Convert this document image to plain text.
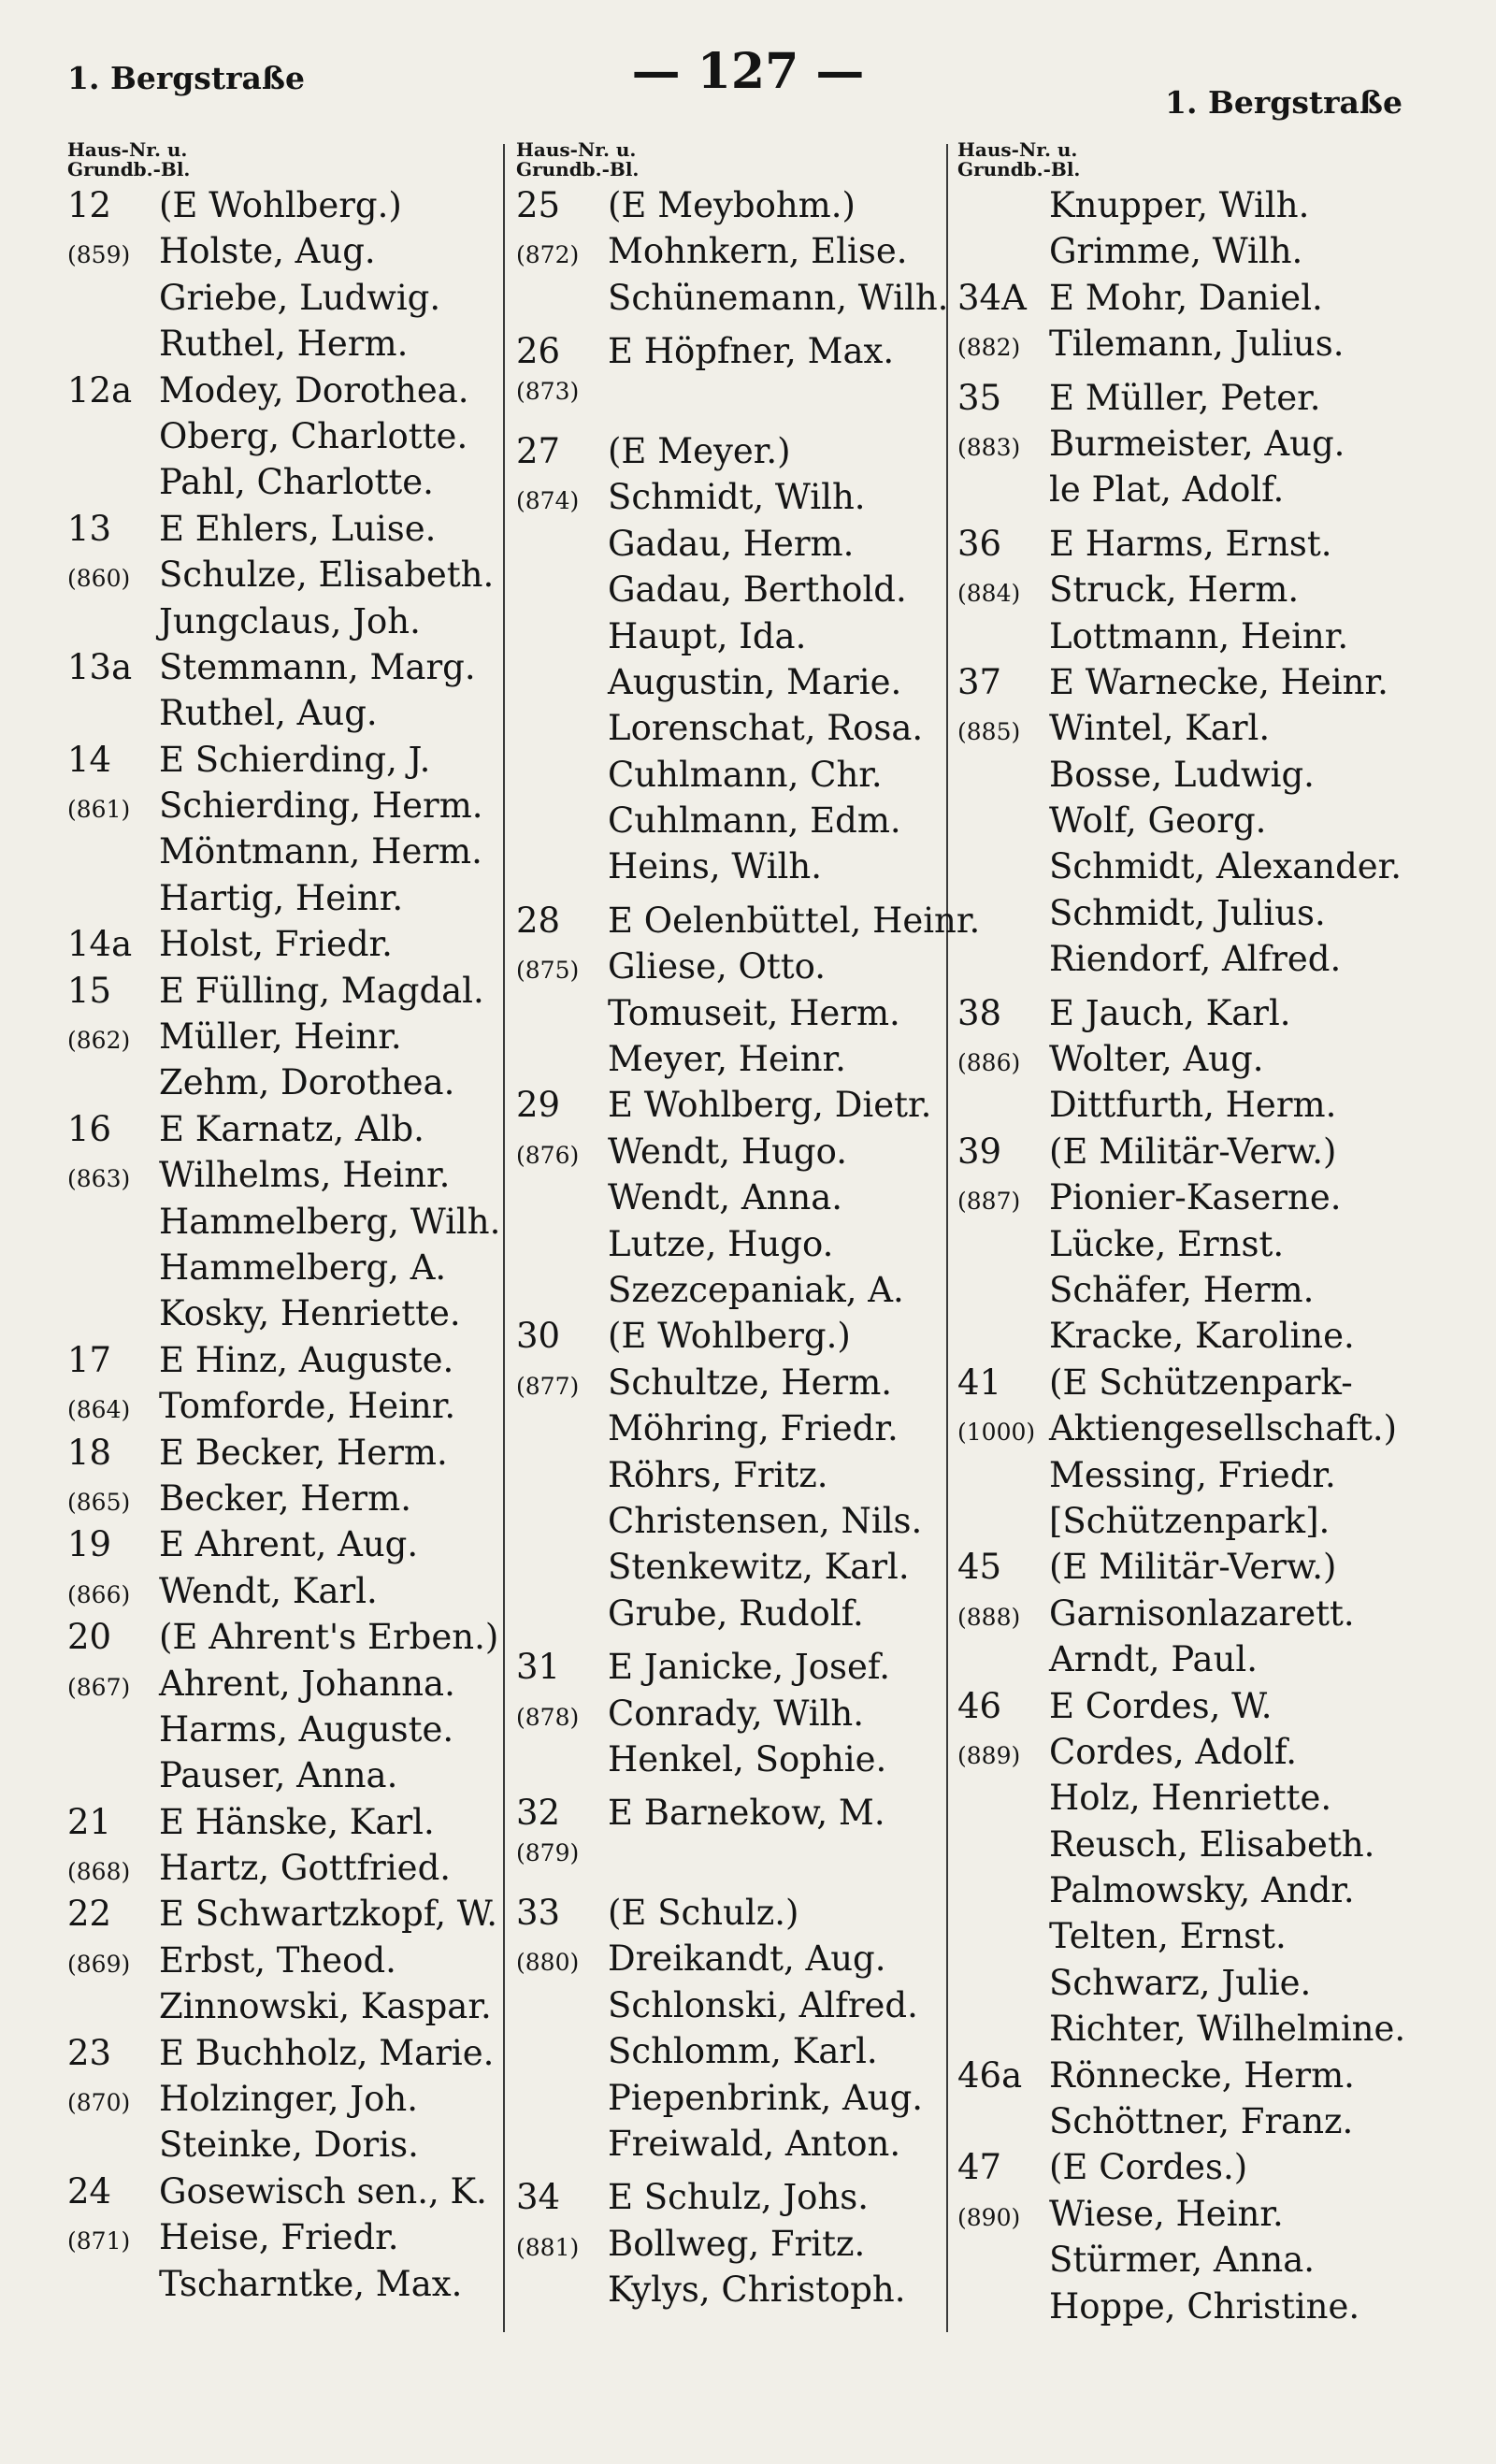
— 127 —
1. Bergstraße
1. Bergstraße
Haus-Nr. u.
Grundb.-Bl.
12	(E Wohlberg.)
(859) Holste, Aug.
Griebe, Ludwig.
Ruthel, Herm.
12a Modey, Dorothea.
Oberg, Charlotte.
Pahl, Charlotte.
13	E Ehlers, Luise.
(860) Schulze, Elisabeth.
Jungclaus, Joh.
13a Stemmann, Marg.
Ruthel, Aug.
14	E Schierding, J.
(861) Schierding, Herm.
Möntmann, Herm.
Hartig, Heinr.
14a Holst, Friedr.
15	E Fülling, Magdal.
(862) Müller, Heinr.
Zehm, Dorothea.
16	E Karnatz, Alb.
(863) Wilhelms, Heinr.
Hammelberg, Wilh.
Hammelberg, A.
Kosky, Henriette.
17	E Hinz, Auguste.
(864) Tomforde, Heinr.
18	E Becker, Herm.
(865) Becker, Herm.
19	E Ahrent, Aug.
(866) Wendt, Karl.
20	(E Ahrent's Erben.)
(867) Ahrent, Johanna.
Harms, Auguste.
Pauser, Anna.
21	E Hänske, Karl.
(868) Hartz, Gottfried.
22	E Schwartzkopf, W.
(869) Erbst, Theod.
Zinnowski, Kaspar.
23	E Buchholz, Marie.
(870) Holzinger, Joh.
Steinke, Doris.
24	Gosewisch sen., K.
(871) Heise, Friedr.
Tscharntke, Max.
Haus-Nr. u.
Grundb.-Bl.
25	(E Meybohm.)
(872) Mohnkern, Elise.
Schünemann, Wilh.
26	E Höpfner, Max.
(873)
27	(E Meyer.)
(874) Schmidt, Wilh.
Gadau, Herm.
Gadau, Berthold.
Haupt, Ida.
Augustin, Marie.
Lorenschat, Rosa.
Cuhlmann, Chr.
Cuhlmann, Edm.
Heins, Wilh.
28	E Oelenbüttel, Heinr.
(875) Gliese, Otto.
Tomuseit, Herm.
Meyer, Heinr.
29	E Wohlberg, Dietr.
(876) Wendt, Hugo.
Wendt, Anna.
Lutze, Hugo.
Szezcepaniak, A.
30	(E Wohlberg.)
(877) Schultze, Herm.
Möhring, Friedr.
Röhrs, Fritz.
Christensen, Nils.
Stenkewitz, Karl.
Grube, Rudolf.
31	E Janicke, Josef.
(878) Conrady, Wilh.
Henkel, Sophie.
32	E Barnekow, M.
(879)
33	(E Schulz.)
(880) Dreikandt, Aug.
Schlonski, Alfred.
Schlomm, Karl.
Piepenbrink, Aug.
Freiwald, Anton.
34	E Schulz, Johs.
(881) Bollweg, Fritz.
Kylys, Christoph.
Haus-Nr. u.
Grundb.-Bl.
Knupper, Wilh.
Grimme, Wilh.
34A E Mohr, Daniel.
(882) Tilemann, Julius.
35	E Müller, Peter.
(883) Burmeister, Aug.
le Plat, Adolf.
36	E Harms, Ernst.
(884) Struck, Herm.
Lottmann, Heinr.
37	E Warnecke, Heinr.
(885) Wintel, Karl.
Bosse, Ludwig.
Wolf, Georg.
Schmidt, Alexander.
Schmidt, Julius.
Riendorf, Alfred.
38	E Jauch, Karl.
(886) Wolter, Aug.
Dittfurth, Herm.
39	(E Militär-Verw.)
(887) Pionier-Kaserne.
Lücke, Ernst.
Schäfer, Herm.
Kracke, Karoline.
41	(E Schützenpark-
(1000) Aktiengesellschaft.)
Messing, Friedr.
[Schützenpark].
45	(E Militär-Verw.)
(888) Garnisonlazarett.
Arndt, Paul.
46	E Cordes, W.
(889) Cordes, Adolf.
Holz, Henriette.
Reusch, Elisabeth.
Palmowsky, Andr.
Telten, Ernst.
Schwarz, Julie.
Richter, Wilhelmine.
46a Rönnecke, Herm.
Schöttner, Franz.
47	(E Cordes.)
(890) Wiese, Heinr.
Stürmer, Anna.
Hoppe, Christine.
